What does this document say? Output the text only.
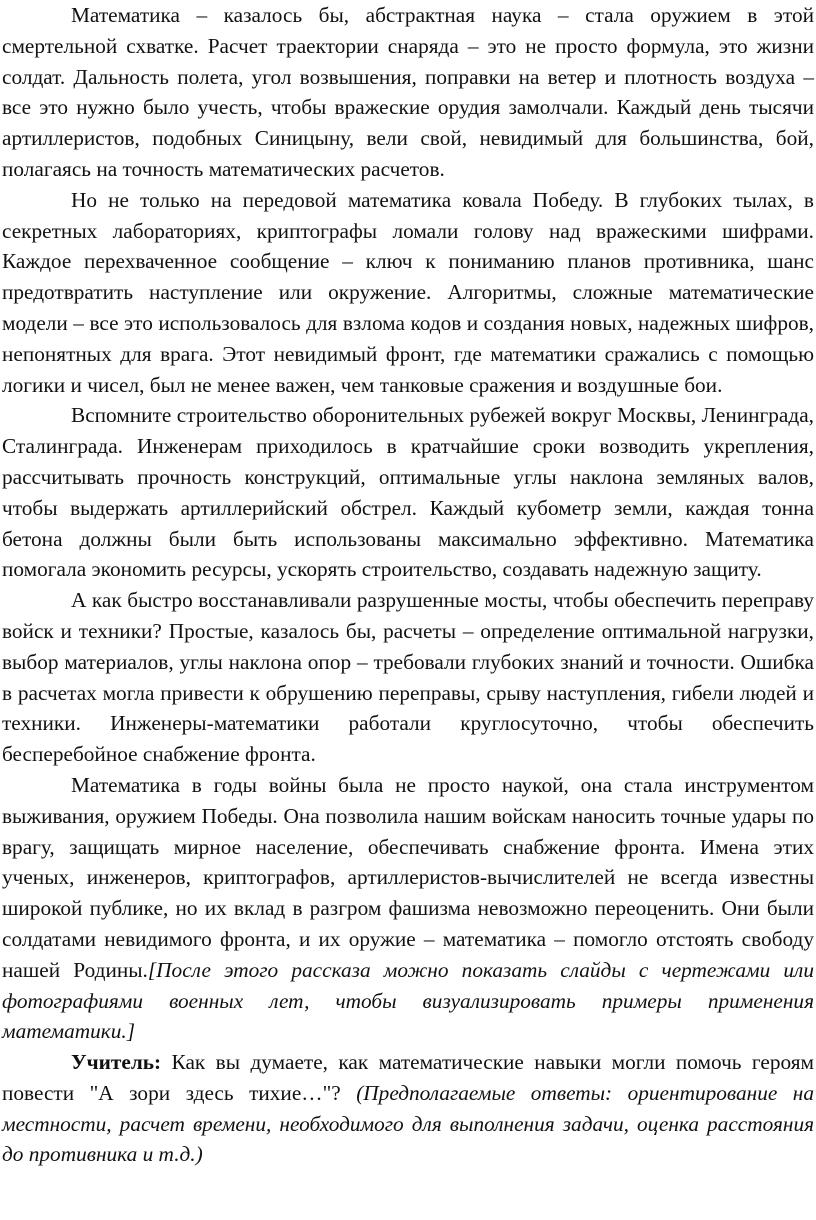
Математика – казалось бы, абстрактная наука – стала оружием в этой смертельной схватке. Расчет траектории снаряда – это не просто формула, это жизни солдат. Дальность полета, угол возвышения, поправки на ветер и плотность воздуха – все это нужно было учесть, чтобы вражеские орудия замолчали. Каждый день тысячи артиллеристов, подобных Синицыну, вели свой, невидимый для большинства, бой, полагаясь на точность математических расчетов.

Но не только на передовой математика ковала Победу. В глубоких тылах, в секретных лабораториях, криптографы ломали голову над вражескими шифрами. Каждое перехваченное сообщение – ключ к пониманию планов противника, шанс предотвратить наступление или окружение. Алгоритмы, сложные математические модели – все это использовалось для взлома кодов и создания новых, надежных шифров, непонятных для врага. Этот невидимый фронт, где математики сражались с помощью логики и чисел, был не менее важен, чем танковые сражения и воздушные бои.

Вспомните строительство оборонительных рубежей вокруг Москвы, Ленинграда, Сталинграда. Инженерам приходилось в кратчайшие сроки возводить укрепления, рассчитывать прочность конструкций, оптимальные углы наклона земляных валов, чтобы выдержать артиллерийский обстрел. Каждый кубометр земли, каждая тонна бетона должны были быть использованы максимально эффективно. Математика помогала экономить ресурсы, ускорять строительство, создавать надежную защиту.

А как быстро восстанавливали разрушенные мосты, чтобы обеспечить переправу войск и техники? Простые, казалось бы, расчеты – определение оптимальной нагрузки, выбор материалов, углы наклона опор – требовали глубоких знаний и точности. Ошибка в расчетах могла привести к обрушению переправы, срыву наступления, гибели людей и техники. Инженеры-математики работали круглосуточно, чтобы обеспечить бесперебойное снабжение фронта.

Математика в годы войны была не просто наукой, она стала инструментом выживания, оружием Победы. Она позволила нашим войскам наносить точные удары по врагу, защищать мирное население, обеспечивать снабжение фронта. Имена этих ученых, инженеров, криптографов, артиллеристов-вычислителей не всегда известны широкой публике, но их вклад в разгром фашизма невозможно переоценить. Они были солдатами невидимого фронта, и их оружие – математика – помогло отстоять свободу нашей Родины.[После этого рассказа можно показать слайды с чертежами или фотографиями военных лет, чтобы визуализировать примеры применения математики.]

Учитель: Как вы думаете, как математические навыки могли помочь героям повести "А зори здесь тихие…"? (Предполагаемые ответы: ориентирование на местности, расчет времени, необходимого для выполнения задачи, оценка расстояния до противника и т.д.)
